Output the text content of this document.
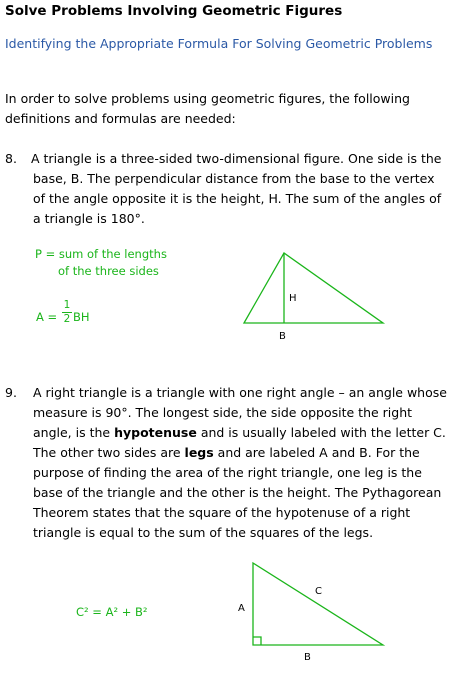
Solve Problems Involving Geometric Figures
Identifying the Appropriate Formula For Solving Geometric Problems
In order to solve problems using geometric figures, the following definitions and formulas are needed:
8. A triangle is a three-sided two-dimensional figure. One side is the base, B. The perpendicular distance from the base to the vertex of the angle opposite it is the height, H. The sum of the angles of a triangle is 180°.
P = sum of the lengths
of the three sides
A =
1
2 BH
H
B
C
A
B
9. A right triangle is a triangle with one right angle – an angle whose measure is 90°. The longest side, the side opposite the right angle, is the hypotenuse and is usually labeled with the letter C. The other two sides are legs and are labeled A and B. For the purpose of finding the area of the right triangle, one leg is the base of the triangle and the other is the height. The Pythagorean Theorem states that the square of the hypotenuse of a right triangle is equal to the sum of the squares of the legs.
C² = A² + B²
